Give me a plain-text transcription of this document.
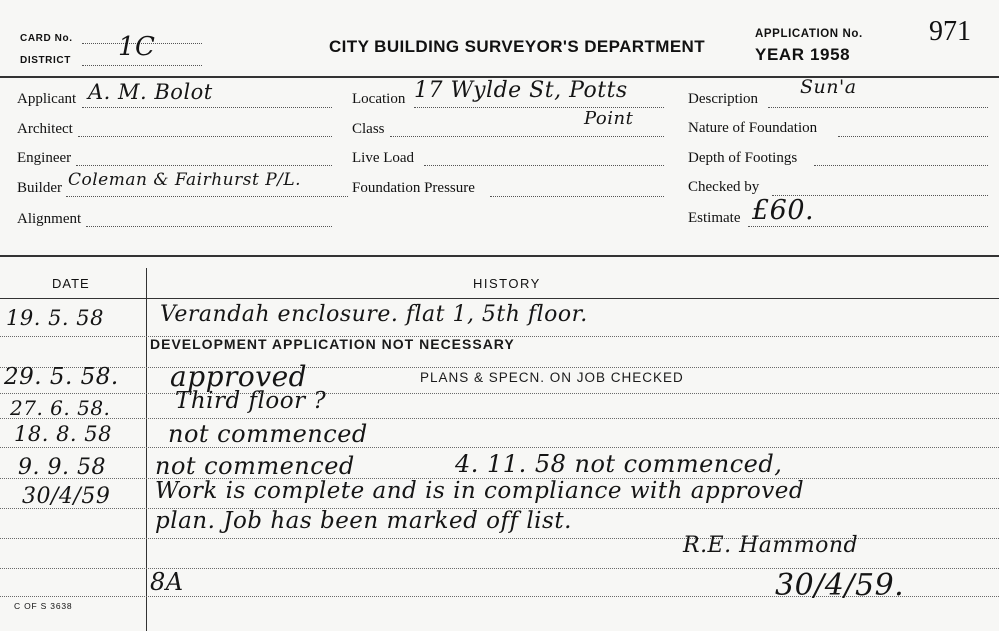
CARD No.
DISTRICT 1C	CITY BUILDING SURVEYOR'S DEPARTMENT
APPLICATION No.
YEAR 1958
971
Applicant A. M. Bolot
Architect
Engineer
Builder Coleman & Fairhurst P/L.
Alignment
Location 17 Wylde St, Potts
Point
Class
Live Load
Foundation Pressure
Description
Sun'a
Nature of Foundation
Depth of Footings
Checked by
Estimate £60.
DATE	HISTORY
19. 5. 58	Verandah enclosure. flat 1, 5th floor.
DEVELOPMENT APPLICATION NOT NECESSARY
29. 5. 58. approved	PLANS & SPECN. ON JOB CHECKED
27. 6. 58.	Third floor ?
18. 8. 58 not commenced
9. 9. 58 not commenced	4. 11. 58 not commenced,
30/4/59 Work is complete and is in compliance with approved
plan. Job has been marked off list.
R.E. Hammond
30/4/59.
8A
C OF S 3638
